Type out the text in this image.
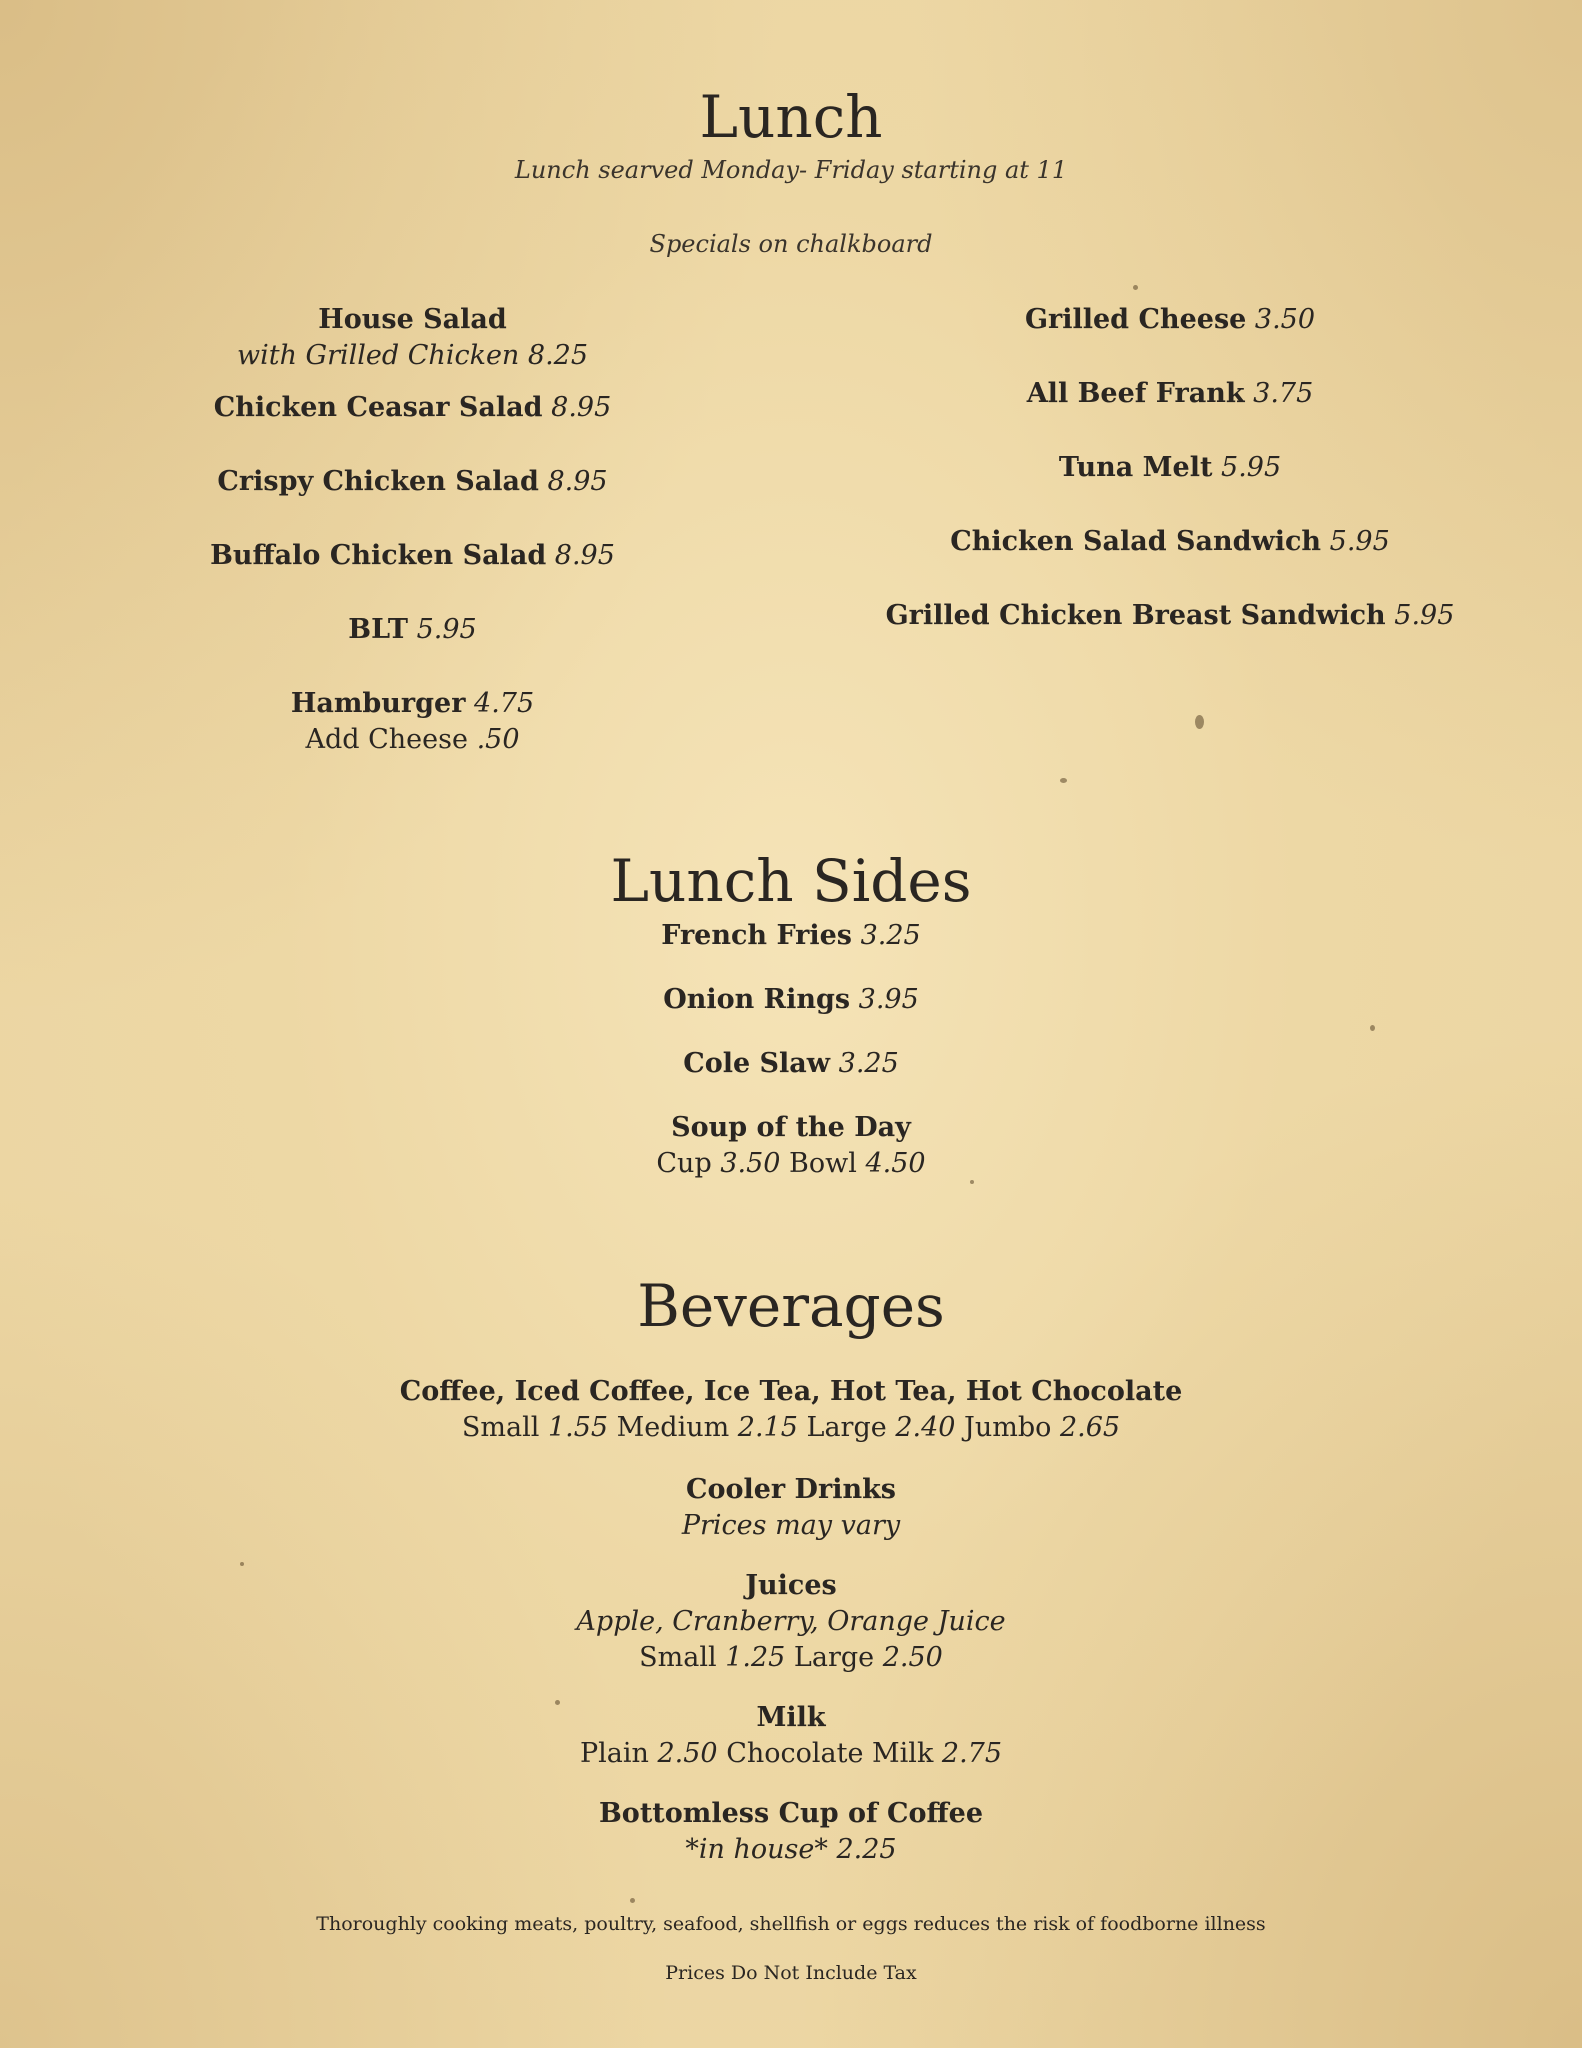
Lunch
Lunch searved Monday- Friday starting at 11
Specials on chalkboard
House Salad
with Grilled Chicken 8.25
Chicken Ceasar Salad 8.95
Crispy Chicken Salad 8.95
Buffalo Chicken Salad 8.95
BLT 5.95
Hamburger 4.75
Add Cheese .50
Grilled Cheese 3.50
All Beef Frank 3.75
Tuna Melt 5.95
Chicken Salad Sandwich 5.95
Grilled Chicken Breast Sandwich 5.95
Lunch Sides
French Fries 3.25
Onion Rings 3.95
Cole Slaw 3.25
Soup of the Day
Cup 3.50 Bowl 4.50
Beverages
Coffee, Iced Coffee, Ice Tea, Hot Tea, Hot Chocolate
Small 1.55 Medium 2.15 Large 2.40 Jumbo 2.65
Cooler Drinks
Prices may vary
Juices
Apple, Cranberry, Orange Juice
Small 1.25 Large 2.50
Milk
Plain 2.50 Chocolate Milk 2.75
Bottomless Cup of Coffee
*in house* 2.25
Thoroughly cooking meats, poultry, seafood, shellfish or eggs reduces the risk of foodborne illness
Prices Do Not Include Tax
